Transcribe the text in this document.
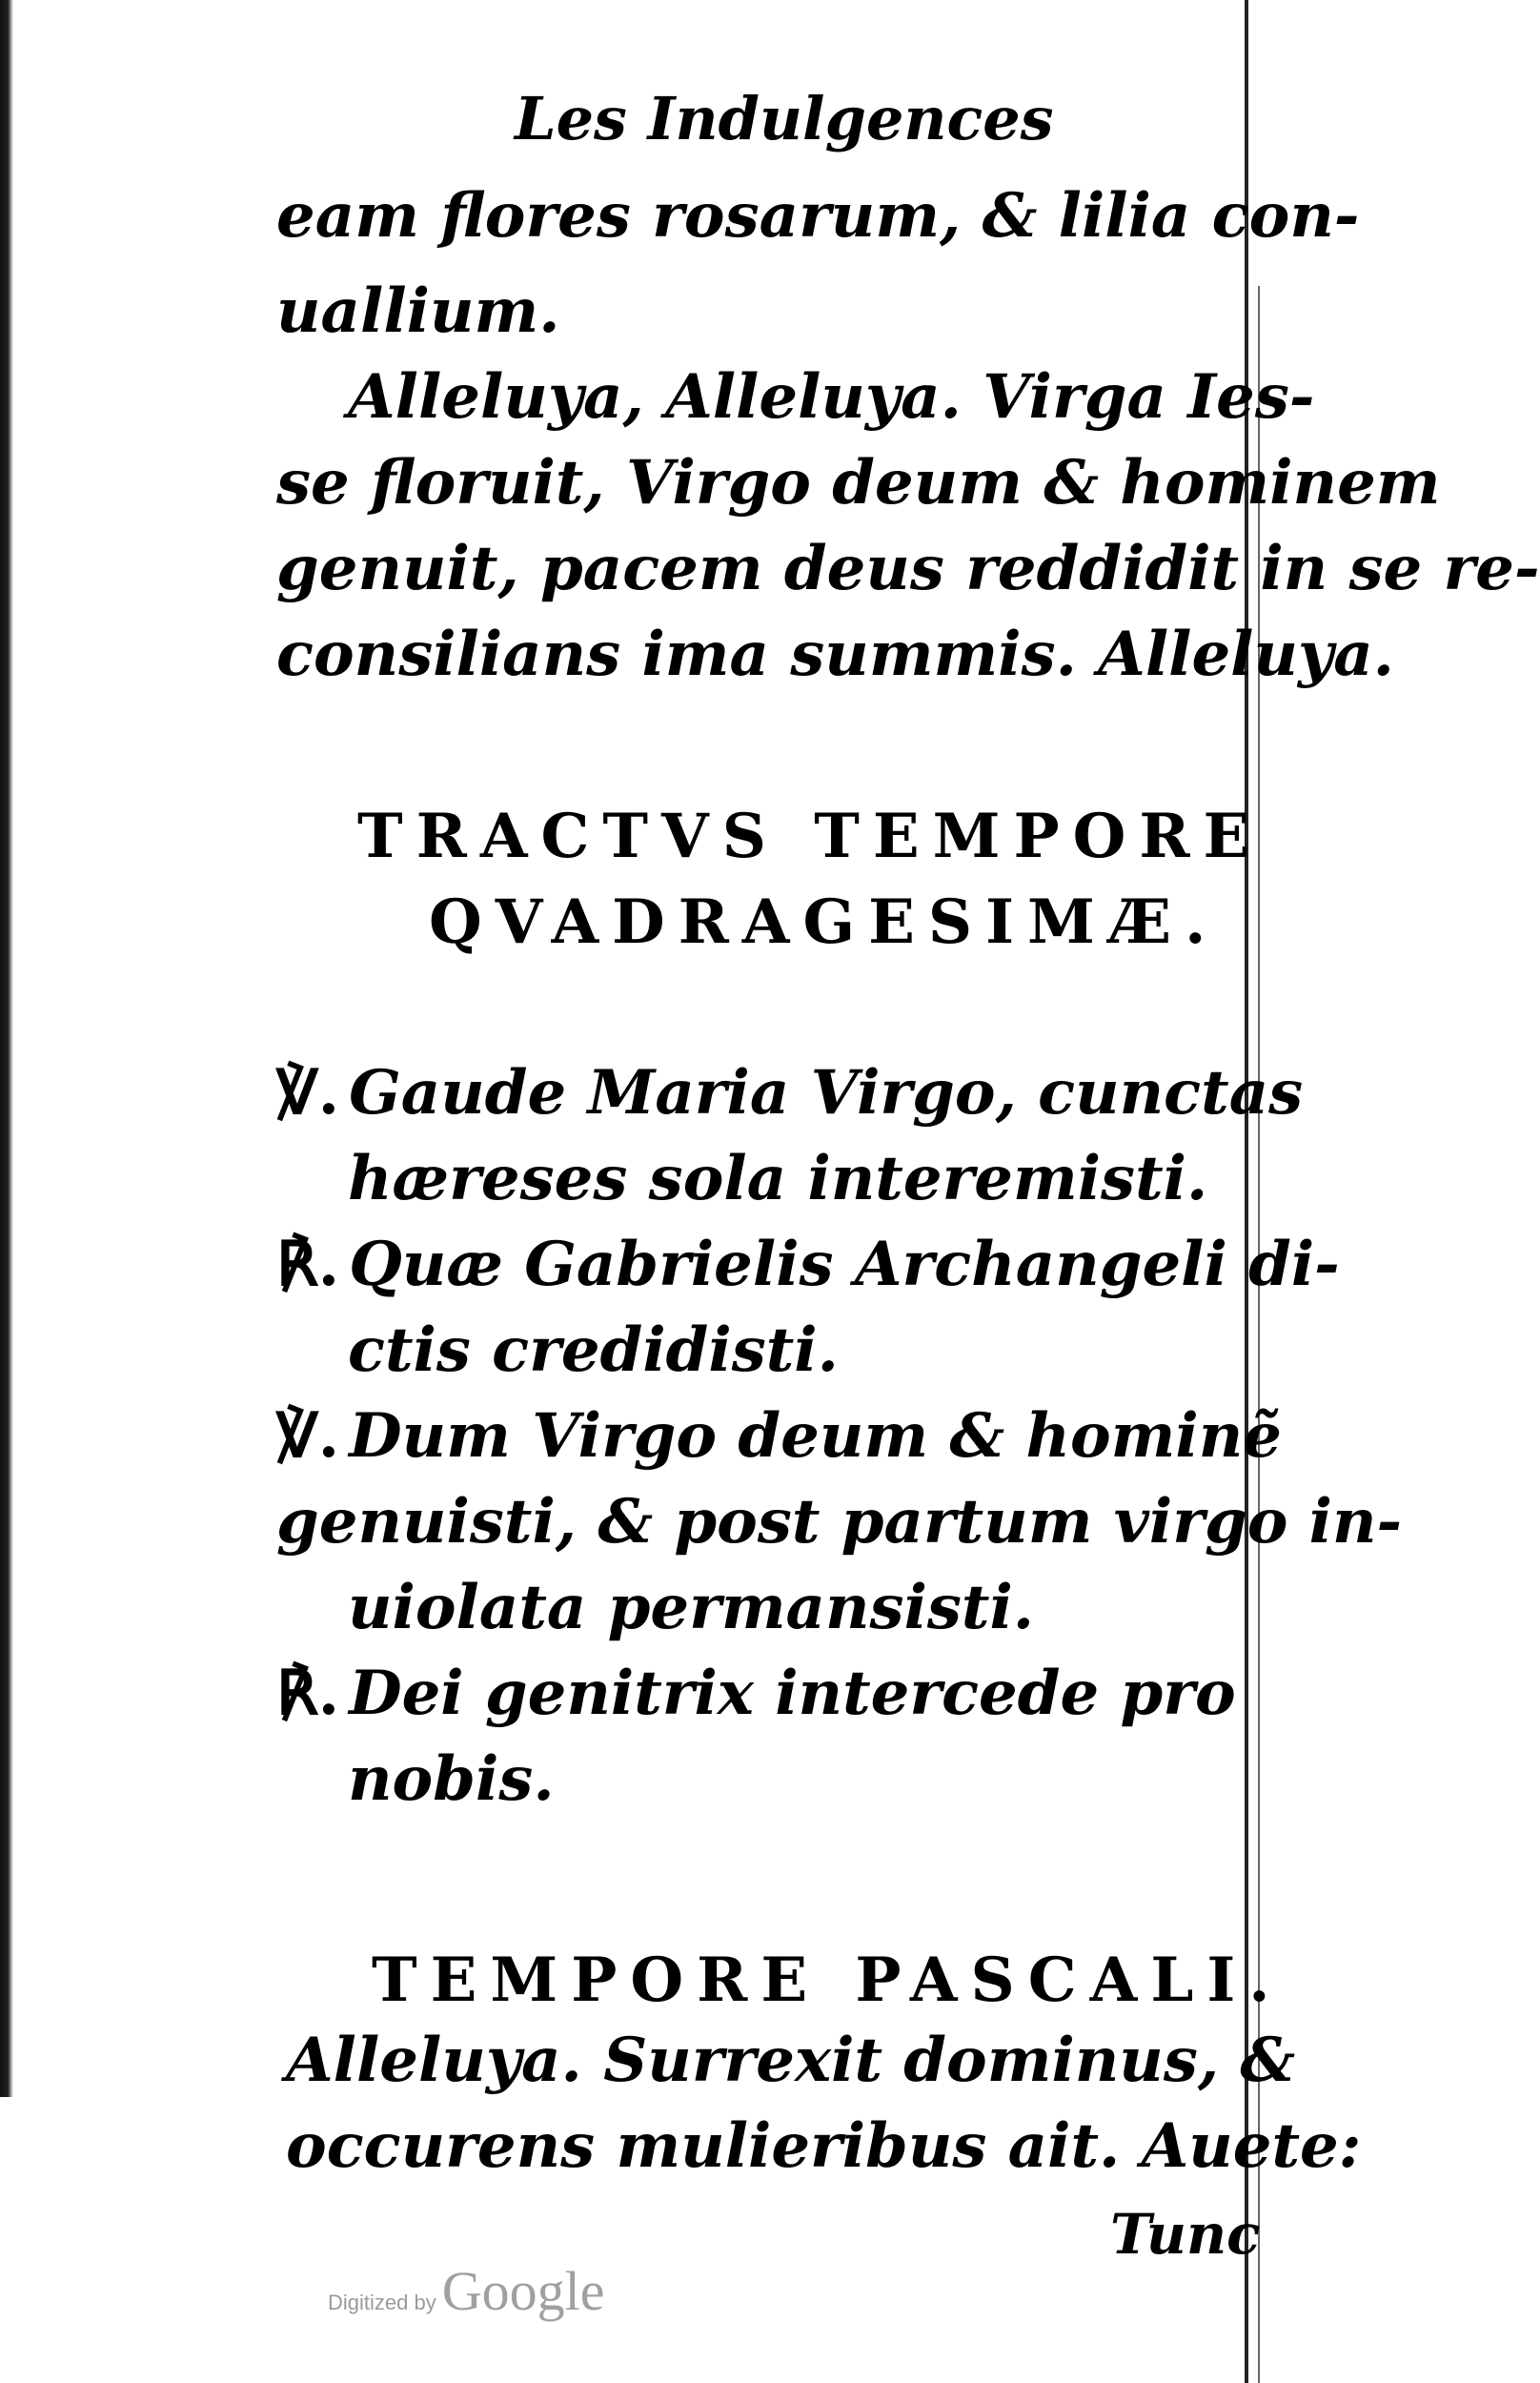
Les Indulgences
eam flores rosarum, & lilia con-
uallium.
Alleluya, Alleluya. Virga Ies-
se floruit, Virgo deum & hominem
genuit, pacem deus reddidit in se re-
consilians ima summis. Alleluya.
TRACTVS TEMPORE
QVADRAGESIMÆ.
℣. Gaude Maria Virgo, cunctas
hæreses sola interemisti.
℟. Quæ Gabrielis Archangeli di-
ctis credidisti.
℣. Dum Virgo deum & hominẽ
genuisti, & post partum virgo in-
uiolata permansisti.
℟. Dei genitrix intercede pro
nobis.
TEMPORE PASCALI.
Alleluya. Surrexit dominus, &
occurens mulieribus ait. Auete:
Tunc
Digitized by Google
